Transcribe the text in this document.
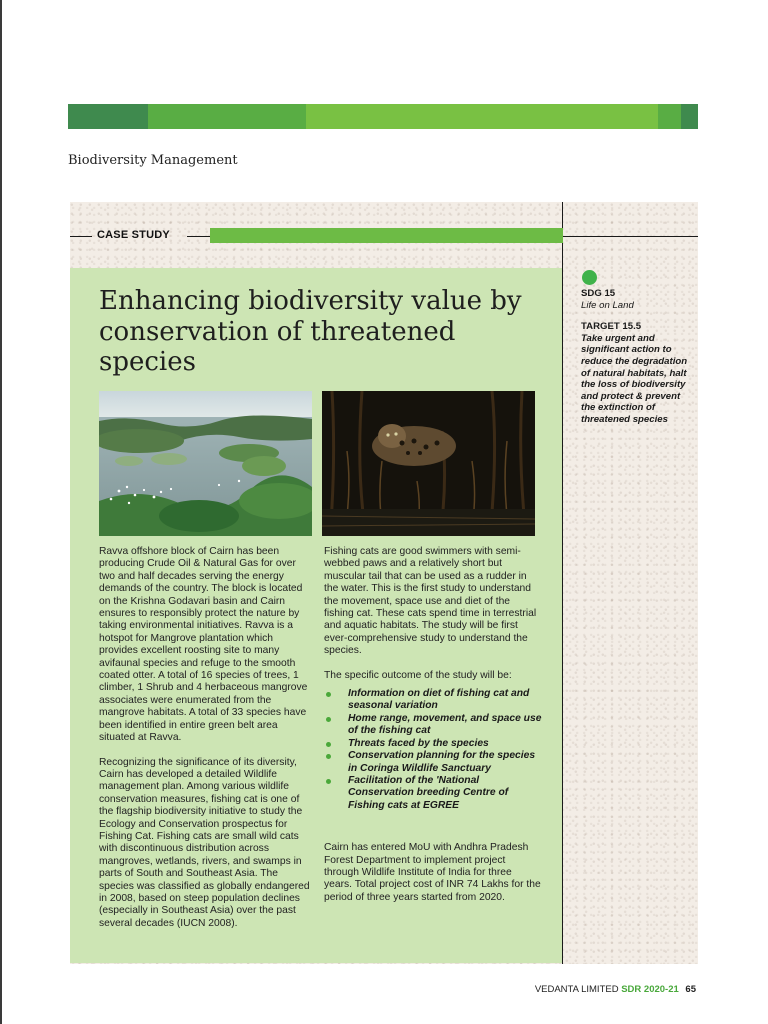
Biodiversity Management
CASE STUDY
Enhancing biodiversity value by conservation of threatened species

Ravva offshore block of Cairn has been producing Crude Oil & Natural Gas for over two and half decades serving the energy demands of the country. The block is located on the Krishna Godavari basin and Cairn ensures to responsibly protect the nature by taking environmental initiatives. Ravva is a hotspot for Mangrove plantation which provides excellent roosting site to many avifaunal species and refuge to the smooth coated otter. A total of 16 species of trees, 1 climber, 1 Shrub and 4 herbaceous mangrove associates were enumerated from the mangrove habitats. A total of 33 species have been identified in entire green belt area situated at Ravva.

Recognizing the significance of its diversity, Cairn has developed a detailed Wildlife management plan. Among various wildlife conservation measures, fishing cat is one of the flagship biodiversity initiative to study the Ecology and Conservation prospectus for Fishing Cat. Fishing cats are small wild cats with discontinuous distribution across mangroves, wetlands, rivers, and swamps in parts of South and Southeast Asia. The species was classified as globally endangered in 2008, based on steep population declines (especially in Southeast Asia) over the past several decades (IUCN 2008).

Fishing cats are good swimmers with semi-webbed paws and a relatively short but muscular tail that can be used as a rudder in the water. This is the first study to understand the movement, space use and diet of the fishing cat. These cats spend time in terrestrial and aquatic habitats. The study will be first ever-comprehensive study to understand the species.

The specific outcome of the study will be:

Information on diet of fishing cat and seasonal variation
Home range, movement, and space use of the fishing cat
Threats faced by the species
Conservation planning for the species in Coringa Wildlife Sanctuary
Facilitation of the 'National Conservation breeding Centre of Fishing cats at EGREE

Cairn has entered MoU with Andhra Pradesh Forest Department to implement project through Wildlife Institute of India for three years. Total project cost of INR 74 Lakhs for the period of three years started from 2020.

SDG 15
Life on Land
TARGET 15.5
Take urgent and significant action to reduce the degradation of natural habitats, halt the loss of biodiversity and protect & prevent the extinction of threatened species
VEDANTA LIMITED SDR 2020-21 65
